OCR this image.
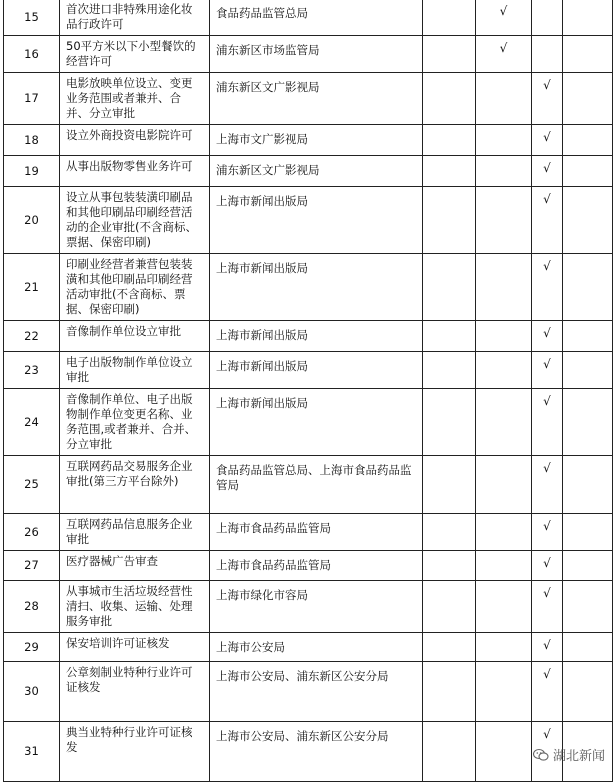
15	首次进口非特殊用途化妆品行政许可	食品药品监管总局		√		
16	50平方米以下小型餐饮的经营许可	浦东新区市场监管局		√		
17	电影放映单位设立、变更业务范围或者兼并、合并、分立审批	浦东新区文广影视局			√	
18	设立外商投资电影院许可	上海市文广影视局			√	
19	从事出版物零售业务许可	浦东新区文广影视局			√	
20	设立从事包装装潢印刷品和其他印刷品印刷经营活动的企业审批(不含商标、票据、保密印刷)	上海市新闻出版局			√	
21	印刷业经营者兼营包装装潢和其他印刷品印刷经营活动审批(不含商标、票据、保密印刷)	上海市新闻出版局			√	
22	音像制作单位设立审批	上海市新闻出版局			√	
23	电子出版物制作单位设立审批	上海市新闻出版局			√	
24	音像制作单位、电子出版物制作单位变更名称、业务范围,或者兼并、合并、分立审批	上海市新闻出版局			√	
25	互联网药品交易服务企业审批(第三方平台除外)	食品药品监管总局、上海市食品药品监管局			√	
26	互联网药品信息服务企业审批	上海市食品药品监管局			√	
27	医疗器械广告审查	上海市食品药品监管局			√	
28	从事城市生活垃圾经营性清扫、收集、运输、处理服务审批	上海市绿化市容局			√	
29	保安培训许可证核发	上海市公安局			√	
30	公章刻制业特种行业许可证核发	上海市公安局、浦东新区公安分局			√	
31	典当业特种行业许可证核发	上海市公安局、浦东新区公安分局			√	
湖北新闻
